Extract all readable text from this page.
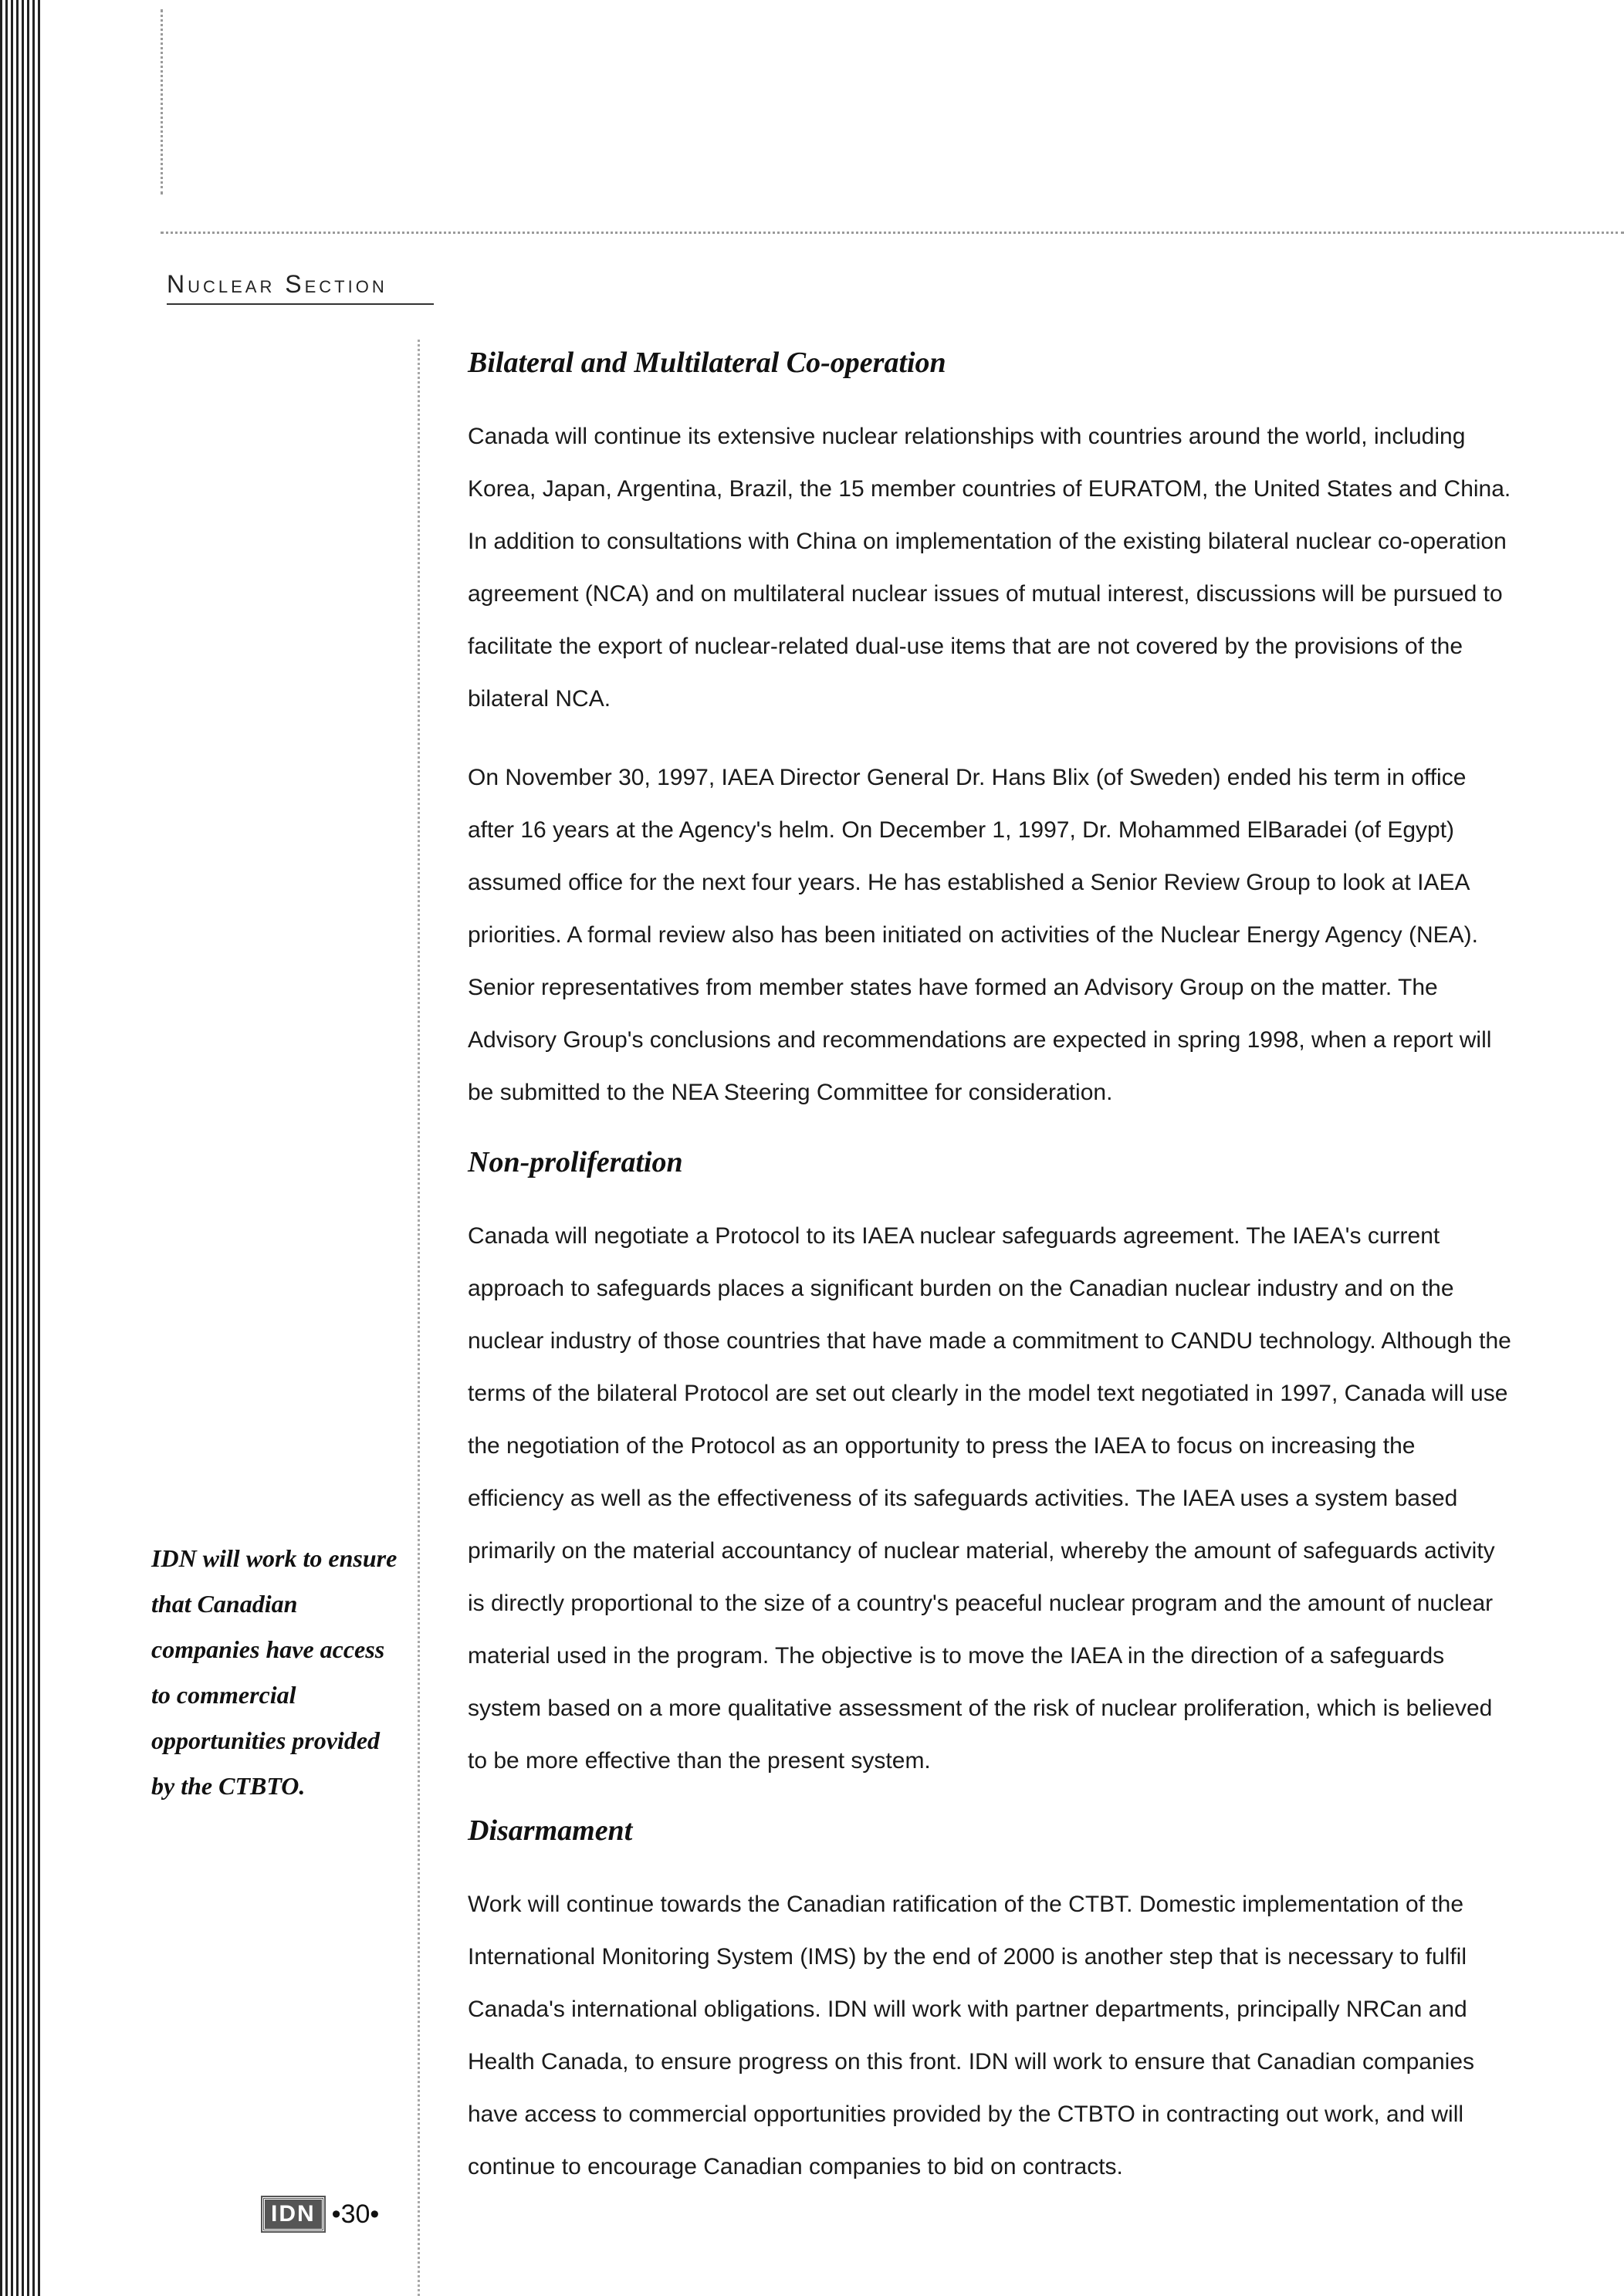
Nuclear Section
Bilateral and Multilateral Co-operation

Canada will continue its extensive nuclear relationships with countries around the world, including Korea, Japan, Argentina, Brazil, the 15 member countries of EURATOM, the United States and China. In addition to consultations with China on implementation of the existing bilateral nuclear co-operation agreement (NCA) and on multilateral nuclear issues of mutual interest, discussions will be pursued to facilitate the export of nuclear-related dual-use items that are not covered by the provisions of the bilateral NCA.

On November 30, 1997, IAEA Director General Dr. Hans Blix (of Sweden) ended his term in office after 16 years at the Agency's helm. On December 1, 1997, Dr. Mohammed ElBaradei (of Egypt) assumed office for the next four years. He has established a Senior Review Group to look at IAEA priorities. A formal review also has been initiated on activities of the Nuclear Energy Agency (NEA). Senior representatives from member states have formed an Advisory Group on the matter. The Advisory Group's conclusions and recommendations are expected in spring 1998, when a report will be submitted to the NEA Steering Committee for consideration.

Non-proliferation

Canada will negotiate a Protocol to its IAEA nuclear safeguards agreement. The IAEA's current approach to safeguards places a significant burden on the Canadian nuclear industry and on the nuclear industry of those countries that have made a commitment to CANDU technology. Although the terms of the bilateral Protocol are set out clearly in the model text negotiated in 1997, Canada will use the negotiation of the Protocol as an opportunity to press the IAEA to focus on increasing the efficiency as well as the effectiveness of its safeguards activities. The IAEA uses a system based primarily on the material accountancy of nuclear material, whereby the amount of safeguards activity is directly proportional to the size of a country's peaceful nuclear program and the amount of nuclear material used in the program. The objective is to move the IAEA in the direction of a safeguards system based on a more qualitative assessment of the risk of nuclear proliferation, which is believed to be more effective than the present system.

Disarmament

Work will continue towards the Canadian ratification of the CTBT. Domestic implementation of the International Monitoring System (IMS) by the end of 2000 is another step that is necessary to fulfil Canada's international obligations. IDN will work with partner departments, principally NRCan and Health Canada, to ensure progress on this front. IDN will work to ensure that Canadian companies have access to commercial opportunities provided by the CTBTO in contracting out work, and will continue to encourage Canadian companies to bid on contracts.

IDN will work to ensure that Canadian companies have access to commercial opportunities provided by the CTBTO.
IDN •30•
